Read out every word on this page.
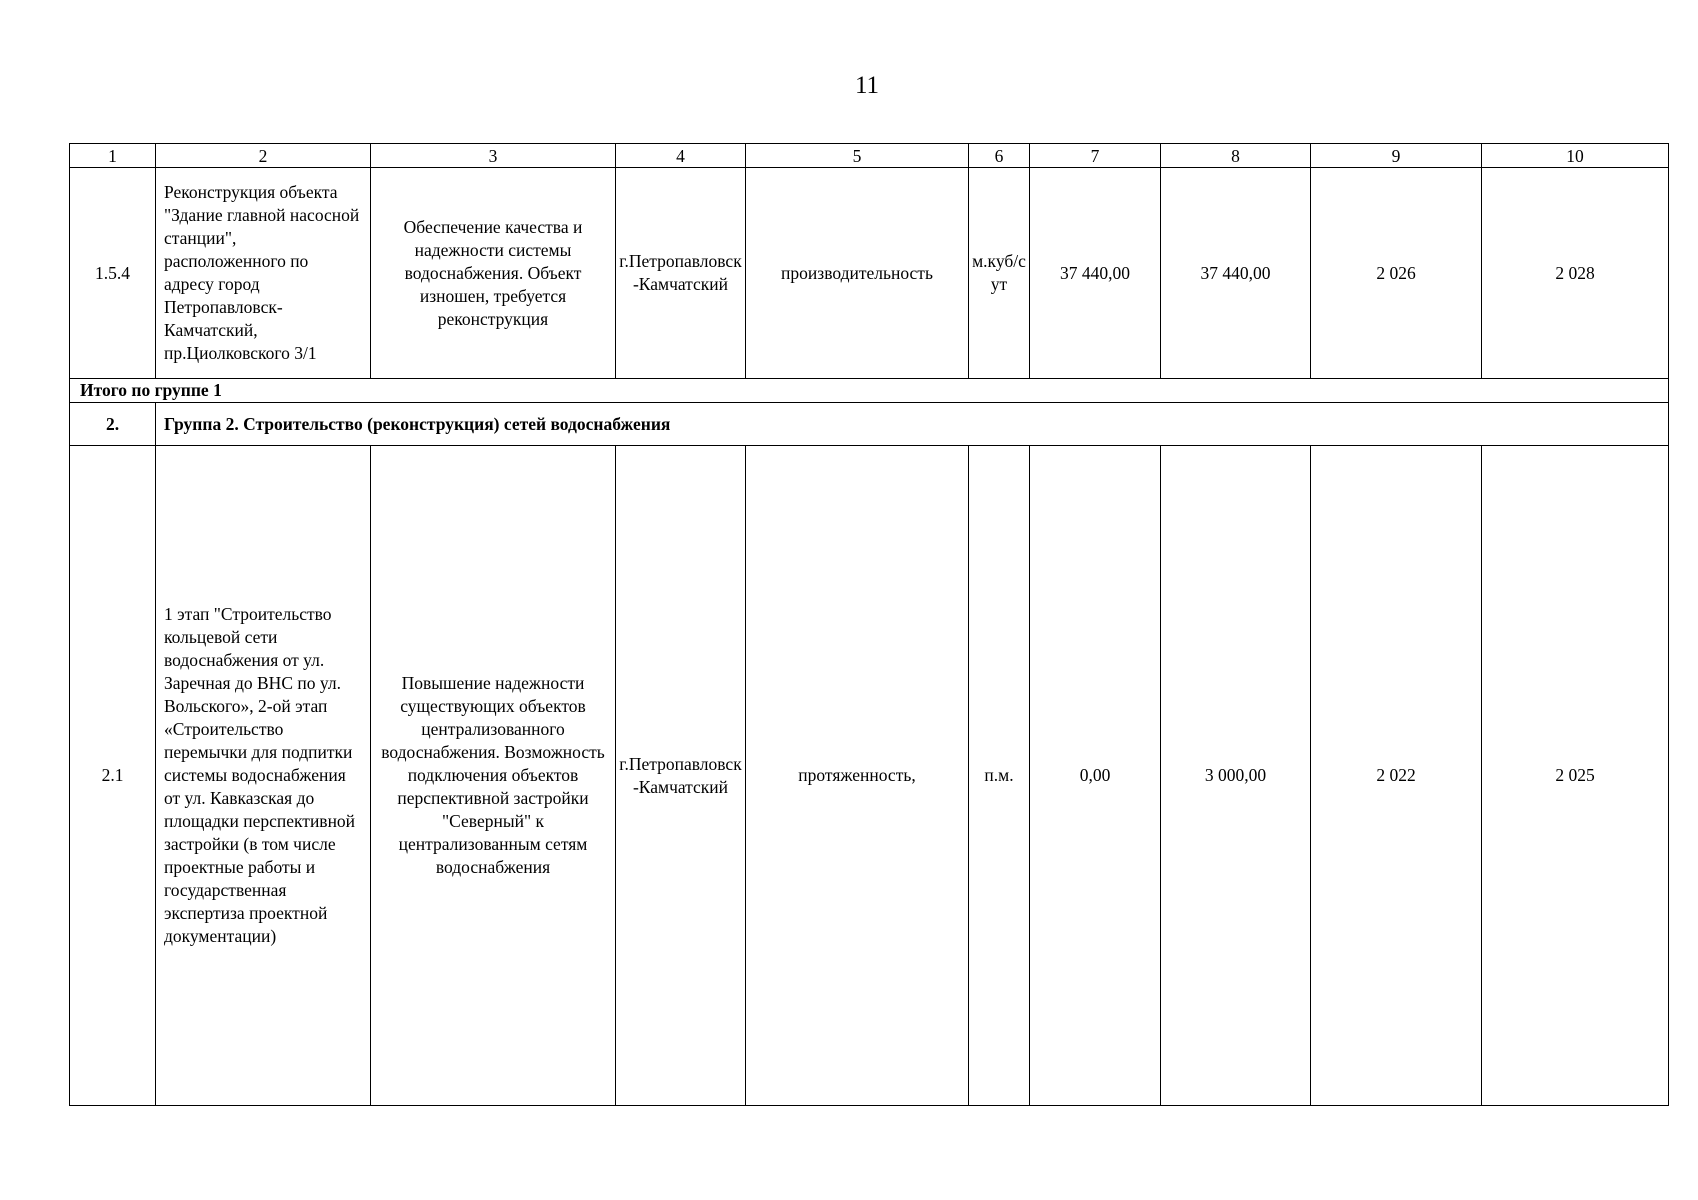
11
1	2	3	4	5	6	7	8	9	10
1.5.4	Реконструкция объекта "Здание главной насосной станции", расположенного по адресу город Петропавловск-Камчатский, пр.Циолковского 3/1	Обеспечение качества и надежности системы водоснабжения. Объект изношен, требуется реконструкция	г.Петропавловск-Камчатский	производительность	м.куб/сут	37 440,00	37 440,00	2 026	2 028
Итого по группе 1									
2.	Группа 2. Строительство (реконструкция) сетей водоснабжения								
2.1	1 этап "Строительство кольцевой сети водоснабжения от ул. Заречная до ВНС по ул. Вольского», 2-ой этап «Строительство перемычки для подпитки системы водоснабжения от ул. Кавказская до площадки перспективной застройки (в том числе проектные работы и государственная экспертиза проектной документации)	Повышение надежности существующих объектов централизованного водоснабжения. Возможность подключения объектов перспективной застройки "Северный" к централизованным сетям водоснабжения	г.Петропавловск-Камчатский	протяженность,	п.м.	0,00	3 000,00	2 022	2 025
